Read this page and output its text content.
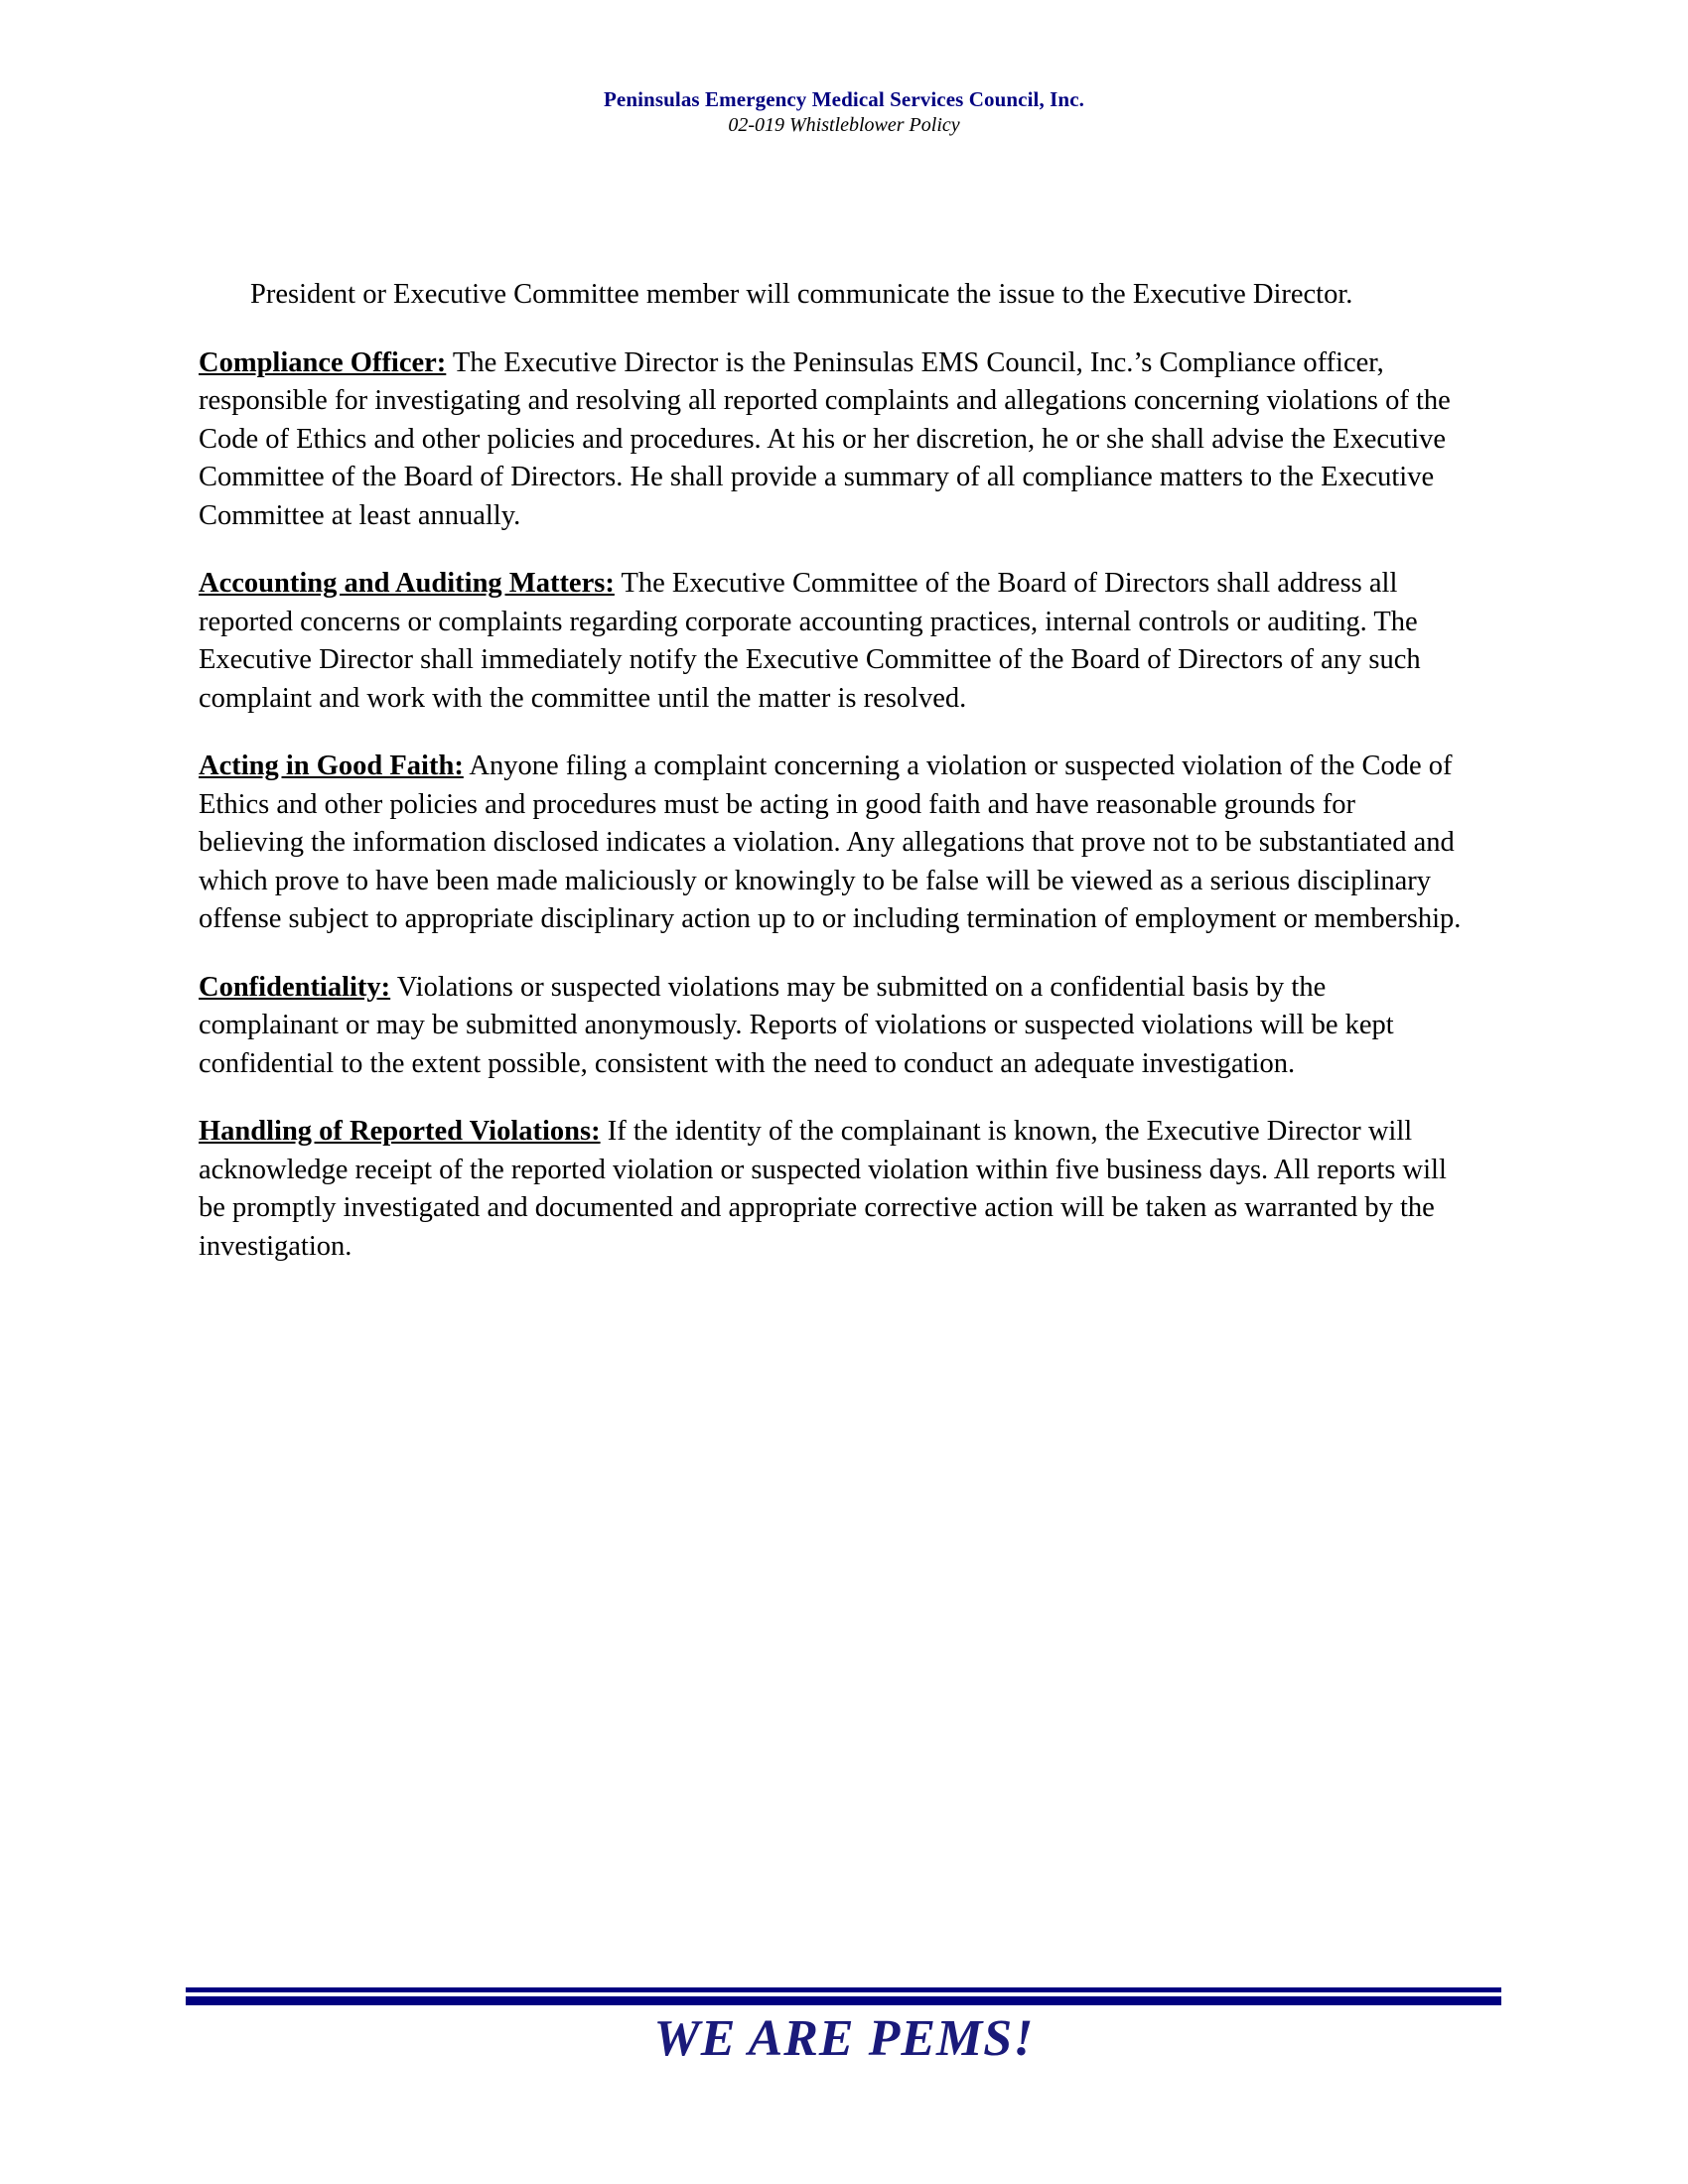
Peninsulas Emergency Medical Services Council, Inc.
02-019 Whistleblower Policy

President or Executive Committee member will communicate the issue to the Executive Director.

Compliance Officer: The Executive Director is the Peninsulas EMS Council, Inc.’s Compliance officer, responsible for investigating and resolving all reported complaints and allegations concerning violations of the Code of Ethics and other policies and procedures. At his or her discretion, he or she shall advise the Executive Committee of the Board of Directors. He shall provide a summary of all compliance matters to the Executive Committee at least annually.

Accounting and Auditing Matters: The Executive Committee of the Board of Directors shall address all reported concerns or complaints regarding corporate accounting practices, internal controls or auditing. The Executive Director shall immediately notify the Executive Committee of the Board of Directors of any such complaint and work with the committee until the matter is resolved.

Acting in Good Faith: Anyone filing a complaint concerning a violation or suspected violation of the Code of Ethics and other policies and procedures must be acting in good faith and have reasonable grounds for believing the information disclosed indicates a violation. Any allegations that prove not to be substantiated and which prove to have been made maliciously or knowingly to be false will be viewed as a serious disciplinary offense subject to appropriate disciplinary action up to or including termination of employment or membership.

Confidentiality: Violations or suspected violations may be submitted on a confidential basis by the complainant or may be submitted anonymously. Reports of violations or suspected violations will be kept confidential to the extent possible, consistent with the need to conduct an adequate investigation.

Handling of Reported Violations: If the identity of the complainant is known, the Executive Director will acknowledge receipt of the reported violation or suspected violation within five business days. All reports will be promptly investigated and documented and appropriate corrective action will be taken as warranted by the investigation.

WE ARE PEMS!
